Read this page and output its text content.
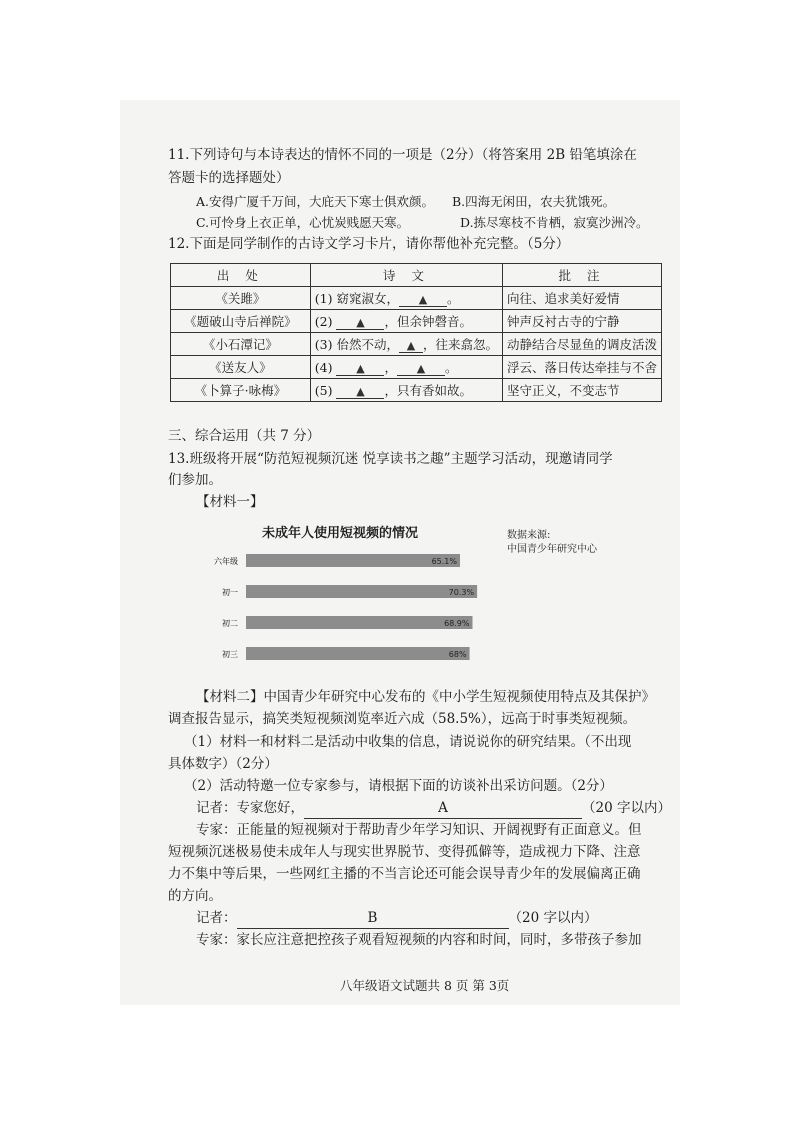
11.下列诗句与本诗表达的情怀不同的一项是（2分）（将答案用 2B 铅笔填涂在
答题卡的选择题处）
A.安得广厦千万间，大庇天下寒士俱欢颜。 B.四海无闲田，农夫犹饿死。
C.可怜身上衣正单，心忧炭贱愿天寒。	D.拣尽寒枝不肯栖，寂寞沙洲冷。
12.下面是同学制作的古诗文学习卡片，请你帮他补充完整。（5分）
出 处	诗 文	批 注
《关雎》	(1) 窈窕淑女， ▲ 。	向往、追求美好爱情
《题破山寺后禅院》	(2) ▲ ，但余钟磬音。	钟声反衬古寺的宁静
《小石潭记》	(3) 佁然不动， ▲ ，往来翕忽。	动静结合尽显鱼的调皮活泼
《送友人》	(4) ▲ ， ▲ 。	浮云、落日传达牵挂与不舍
《卜算子·咏梅》	(5) ▲ ，只有香如故。	坚守正义，不变志节
三、综合运用（共 7 分）
13.班级将开展“防范短视频沉迷 悦享读书之趣”主题学习活动，现邀请同学
们参加。
【材料一】
未成年人使用短视频的情况	数据来源:
中国青少年研究中心
六年级	65.1%
初一	70.3%
初二	68.9%
初三	68%
【材料二】中国青少年研究中心发布的《中小学生短视频使用特点及其保护》
调查报告显示，搞笑类短视频浏览率近六成（58.5%），远高于时事类短视频。
（1）材料一和材料二是活动中收集的信息，请说说你的研究结果。（不出现
具体数字）（2分）
（2）活动特邀一位专家参与，请根据下面的访谈补出采访问题。（2分）
记者：专家您好，	A	（20 字以内）
专家：正能量的短视频对于帮助青少年学习知识、开阔视野有正面意义。但
短视频沉迷极易使未成年人与现实世界脱节、变得孤僻等，造成视力下降、注意
力不集中等后果，一些网红主播的不当言论还可能会误导青少年的发展偏离正确
的方向。
记者：	B	（20 字以内）
专家：家长应注意把控孩子观看短视频的内容和时间，同时，多带孩子参加
八年级语文试题共 8 页 第 3页
